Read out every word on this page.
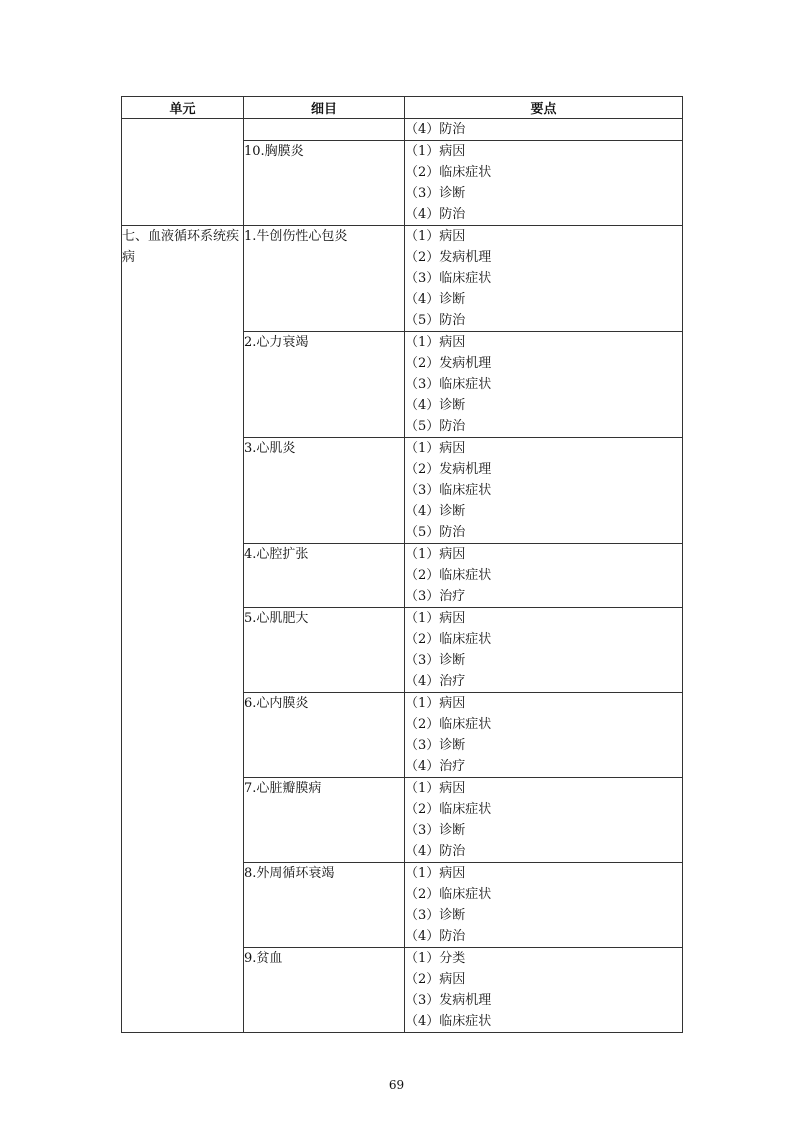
单元	细目	要点

		（4）防治

	10.胸膜炎	（1）病因
（2）临床症状
（3）诊断
（4）防治

七、血液循环系统疾病	1.牛创伤性心包炎	（1）病因
（2）发病机理
（3）临床症状
（4）诊断
（5）防治

	2.心力衰竭	（1）病因
（2）发病机理
（3）临床症状
（4）诊断
（5）防治

	3.心肌炎	（1）病因
（2）发病机理
（3）临床症状
（4）诊断
（5）防治

	4.心腔扩张	（1）病因
（2）临床症状
（3）治疗

	5.心肌肥大	（1）病因
（2）临床症状
（3）诊断
（4）治疗

	6.心内膜炎	（1）病因
（2）临床症状
（3）诊断
（4）治疗

	7.心脏瓣膜病	（1）病因
（2）临床症状
（3）诊断
（4）防治

	8.外周循环衰竭	（1）病因
（2）临床症状
（3）诊断
（4）防治

	9.贫血	（1）分类
（2）病因
（3）发病机理
（4）临床症状
69
